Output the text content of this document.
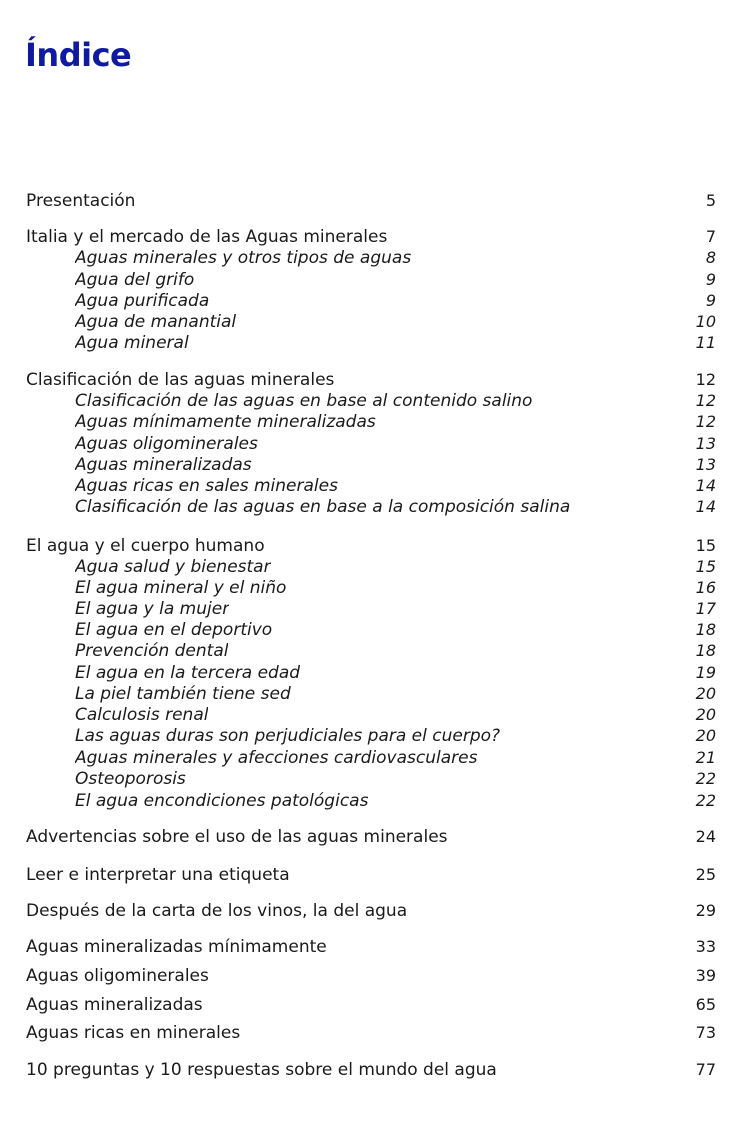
Índice
Presentación	5
Italia y el mercado de las Aguas minerales	7
Aguas minerales y otros tipos de aguas	8
Agua del grifo	9
Agua purificada	9
Agua de manantial	10
Agua mineral	11
Clasificación de las aguas minerales	12
Clasificación de las aguas en base al contenido salino	12
Aguas mínimamente mineralizadas	12
Aguas oligominerales	13
Aguas mineralizadas	13
Aguas ricas en sales minerales	14
Clasificación de las aguas en base a la composición salina	14
El agua y el cuerpo humano	15
Agua salud y bienestar	15
El agua mineral y el niño	16
El agua y la mujer	17
El agua en el deportivo	18
Prevención dental	18
El agua en la tercera edad	19
La piel también tiene sed	20
Calculosis renal	20
Las aguas duras son perjudiciales para el cuerpo?	20
Aguas minerales y afecciones cardiovasculares	21
Osteoporosis	22
El agua encondiciones patológicas	22
Advertencias sobre el uso de las aguas minerales	24
Leer e interpretar una etiqueta	25
Después de la carta de los vinos, la del agua	29
Aguas mineralizadas mínimamente	33
Aguas oligominerales	39
Aguas mineralizadas	65
Aguas ricas en minerales	73
10 preguntas y 10 respuestas sobre el mundo del agua	77
